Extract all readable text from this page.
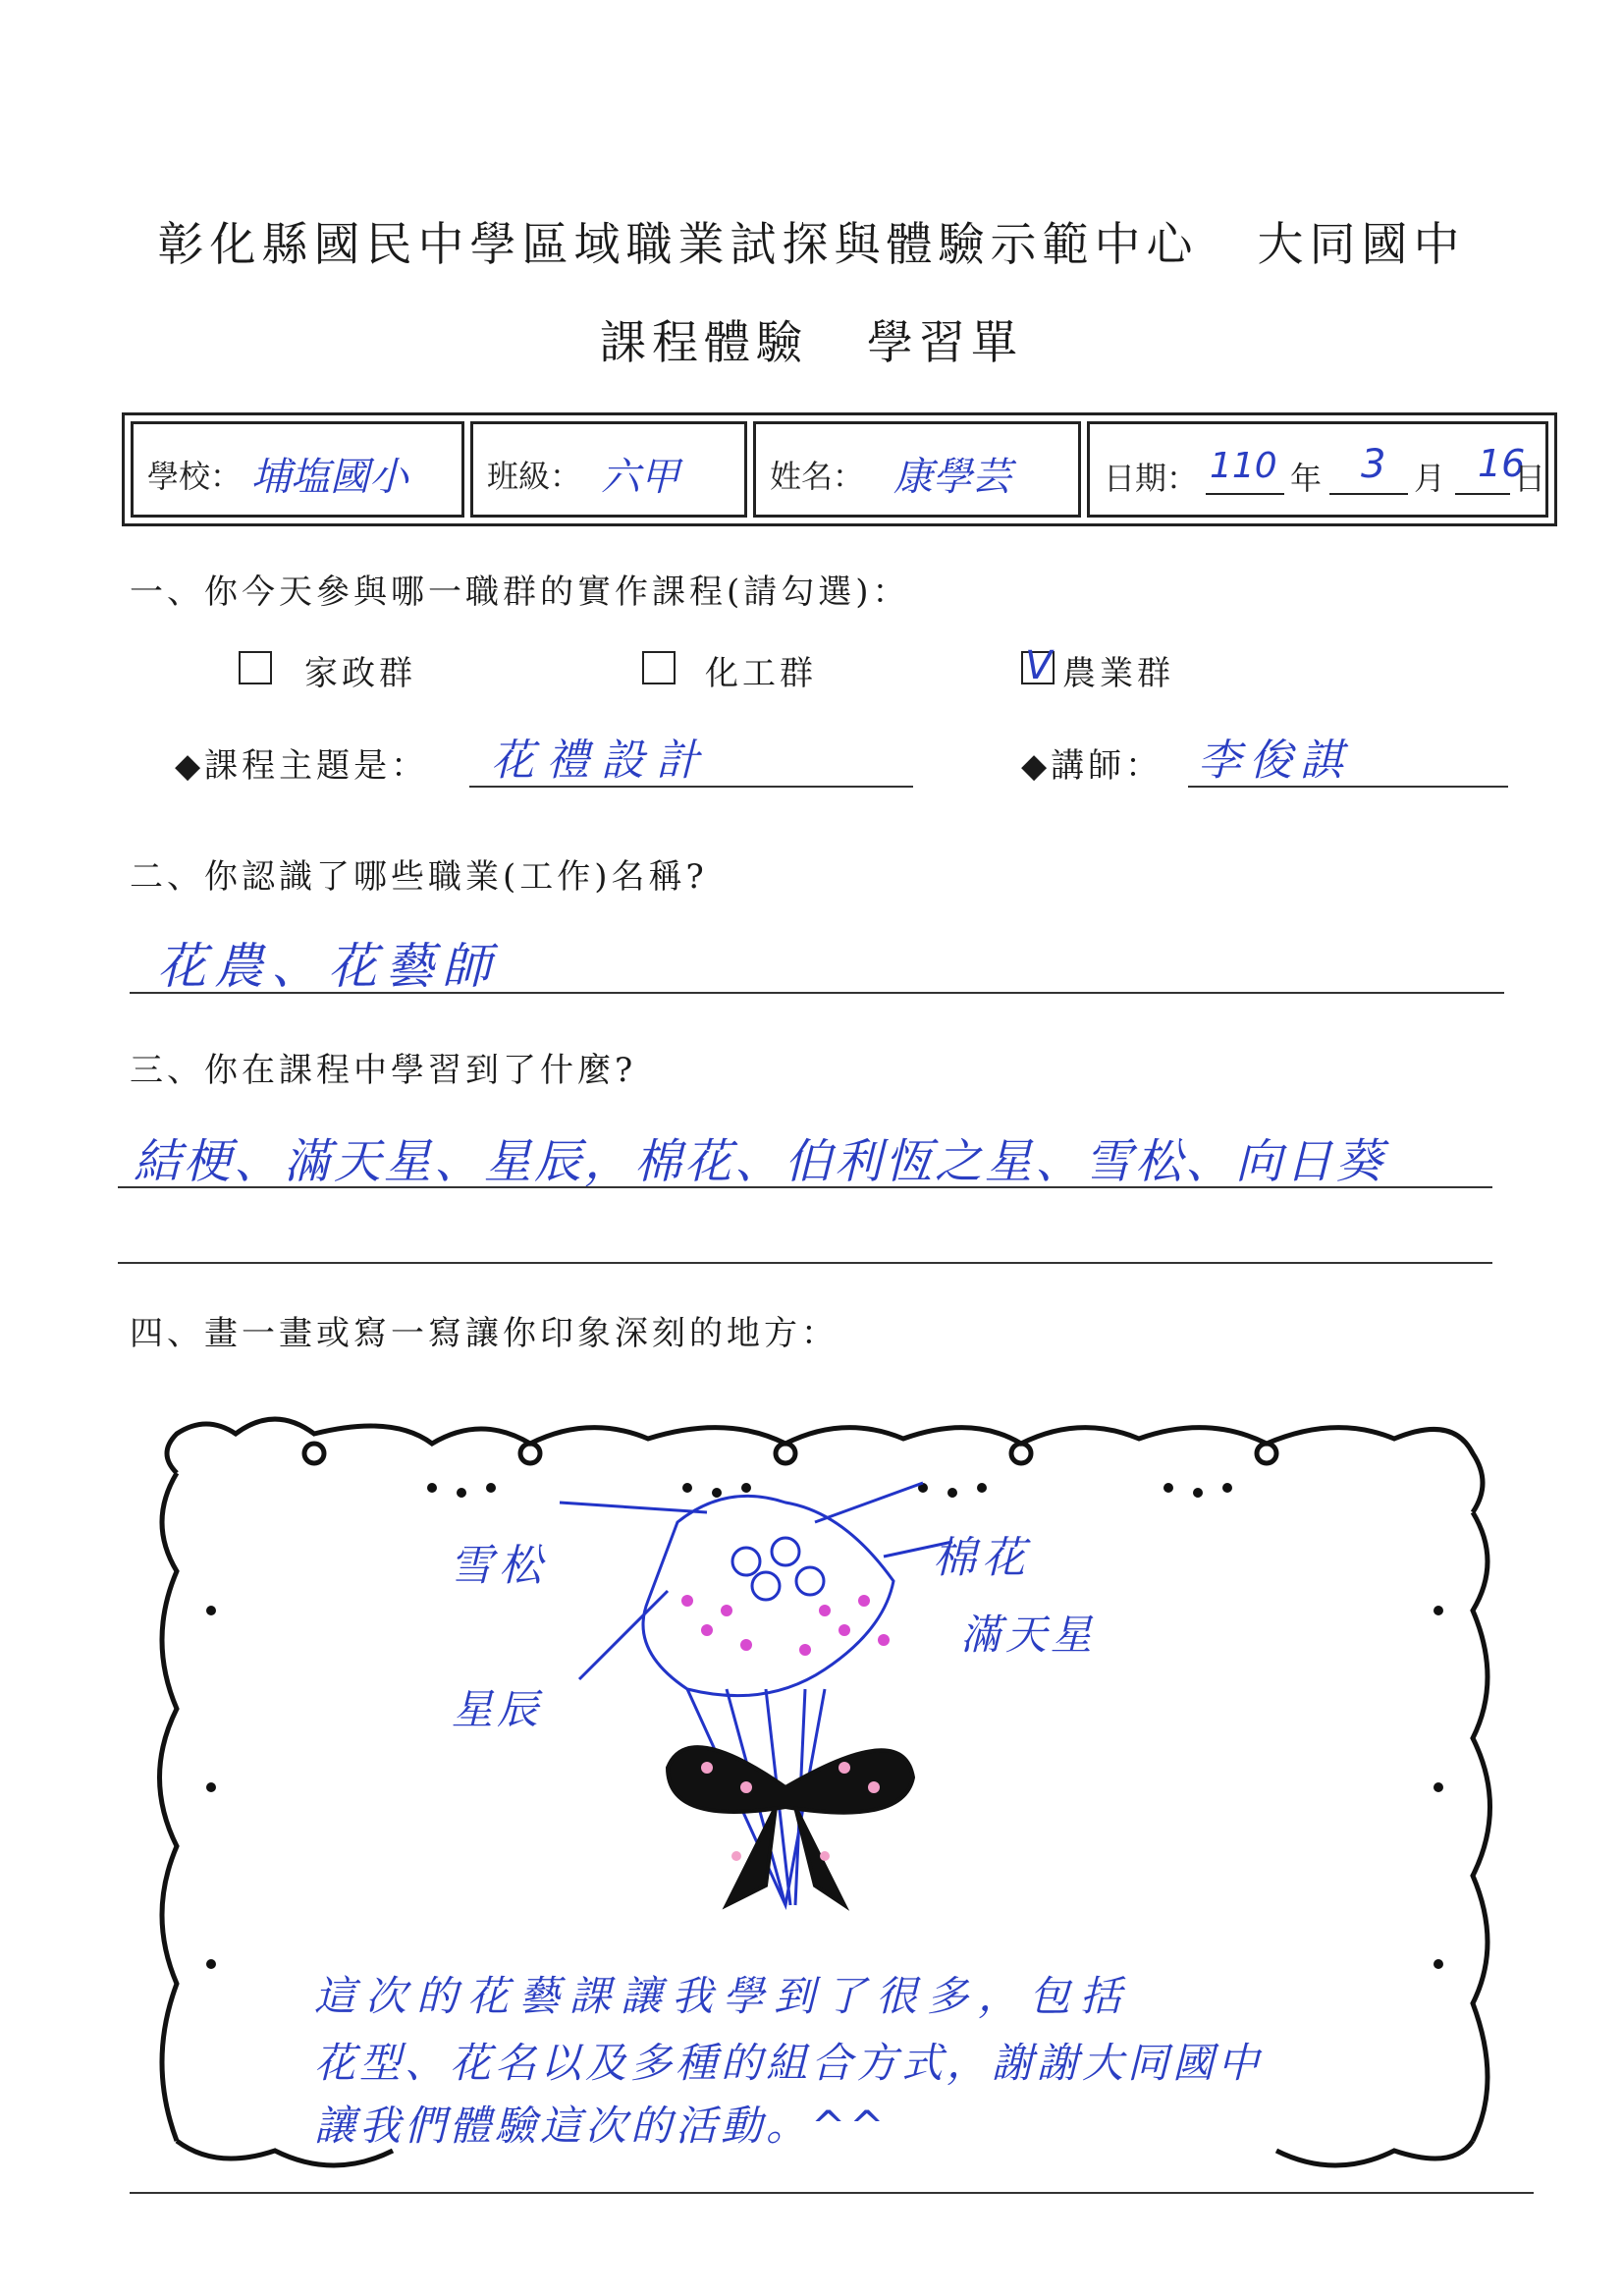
彰化縣國民中學區域職業試探與體驗示範中心 大同國中
課程體驗 學習單
學校： 埔塩國小	班級： 六甲	姓名： 康學芸	日期： 110 年 3 月 16
日
一、你今天參與哪一職群的實作課程(請勾選)：
家政群	化工群	V 農業群
◆課程主題是： 花禮設計	◆講師： 李俊諆
二、你認識了哪些職業(工作)名稱?
花農、花藝師
三、你在課程中學習到了什麼?
結梗、滿天星、星辰，棉花、伯利恆之星、雪松、向日葵
四、畫一畫或寫一寫讓你印象深刻的地方：
雪松	棉花
滿天星
星辰
這次的花藝課讓我學到了很多，包括
花型、花名以及多種的組合方式，謝謝大同國中
讓我們體驗這次的活動。^^
